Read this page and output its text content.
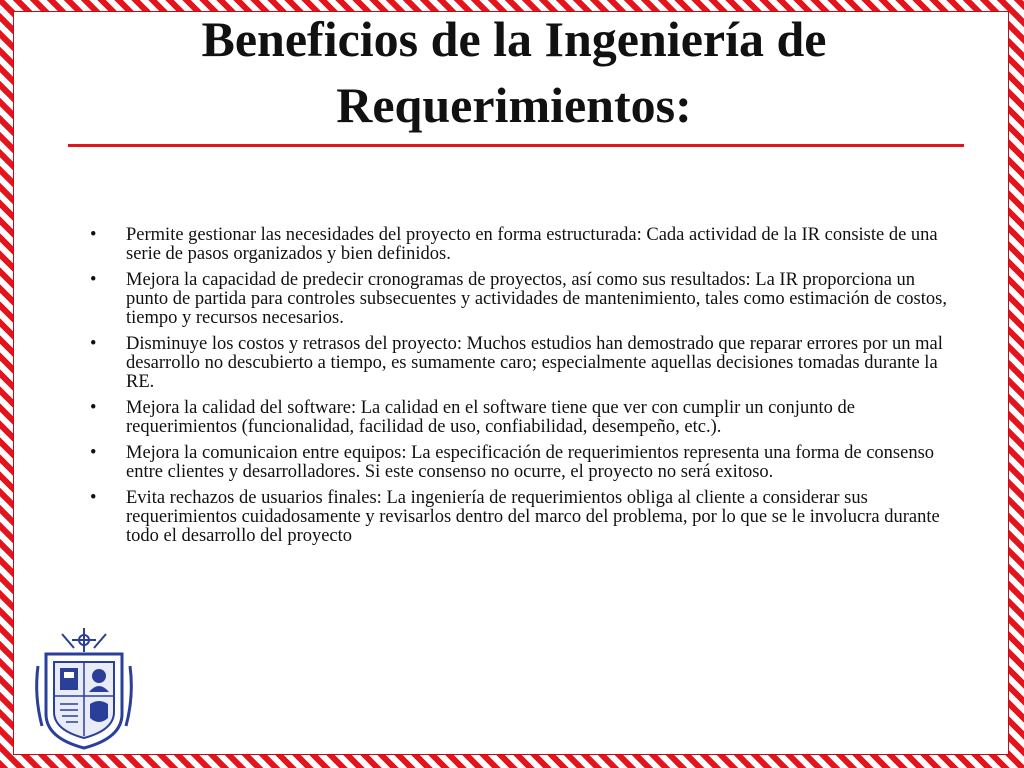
Beneficios de la Ingeniería de Requerimientos:
• Permite gestionar las necesidades del proyecto en forma estructurada: Cada actividad de la IR consiste de una serie de pasos organizados y bien definidos.
• Mejora la capacidad de predecir cronogramas de proyectos, así como sus resultados: La IR proporciona un punto de partida para controles subsecuentes y actividades de mantenimiento, tales como estimación de costos, tiempo y recursos necesarios.
• Disminuye los costos y retrasos del proyecto: Muchos estudios han demostrado que reparar errores por un mal desarrollo no descubierto a tiempo, es sumamente caro; especialmente aquellas decisiones tomadas durante la RE.
• Mejora la calidad del software: La calidad en el software tiene que ver con cumplir un conjunto de requerimientos (funcionalidad, facilidad de uso, confiabilidad, desempeño, etc.).
• Mejora la comunicaion entre equipos: La especificación de requerimientos representa una forma de consenso entre clientes y desarrolladores. Si este consenso no ocurre, el proyecto no será exitoso.
• Evita rechazos de usuarios finales: La ingeniería de requerimientos obliga al cliente a considerar sus requerimientos cuidadosamente y revisarlos dentro del marco del problema, por lo que se le involucra durante todo el desarrollo del proyecto
